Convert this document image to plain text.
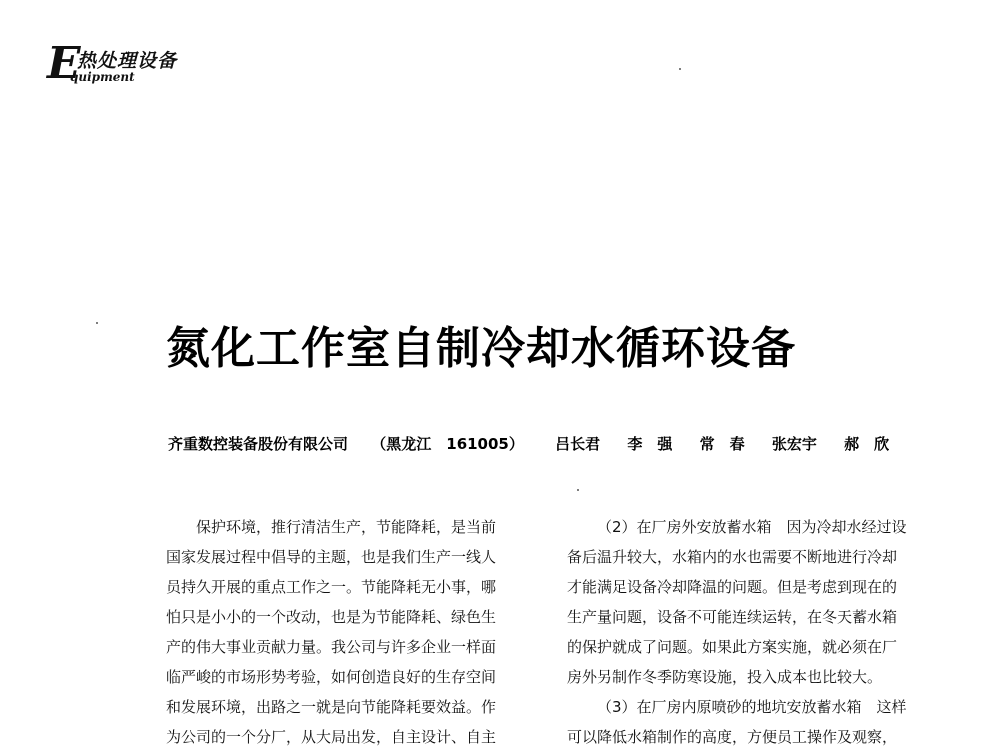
E
热处理设备
quipment
氮化工作室自制冷却水循环设备
齐重数控装备股份有限公司 （黑龙江　161005） 吕长君 李　强 常　春 张宏宇 郝　欣
保护环境，推行清洁生产，节能降耗，是当前
国家发展过程中倡导的主题，也是我们生产一线人
员持久开展的重点工作之一。节能降耗无小事，哪
怕只是小小的一个改动，也是为节能降耗、绿色生
产的伟大事业贡献力量。我公司与许多企业一样面
临严峻的市场形势考验，如何创造良好的生存空间
和发展环境，出路之一就是向节能降耗要效益。作
为公司的一个分厂，从大局出发，自主设计、自主
（2）在厂房外安放蓄水箱　因为冷却水经过设
备后温升较大，水箱内的水也需要不断地进行冷却
才能满足设备冷却降温的问题。但是考虑到现在的
生产量问题，设备不可能连续运转，在冬天蓄水箱
的保护就成了问题。如果此方案实施，就必须在厂
房外另制作冬季防寒设施，投入成本也比较大。
（3）在厂房内原喷砂的地坑安放蓄水箱　这样
可以降低水箱制作的高度，方便员工操作及观察，
